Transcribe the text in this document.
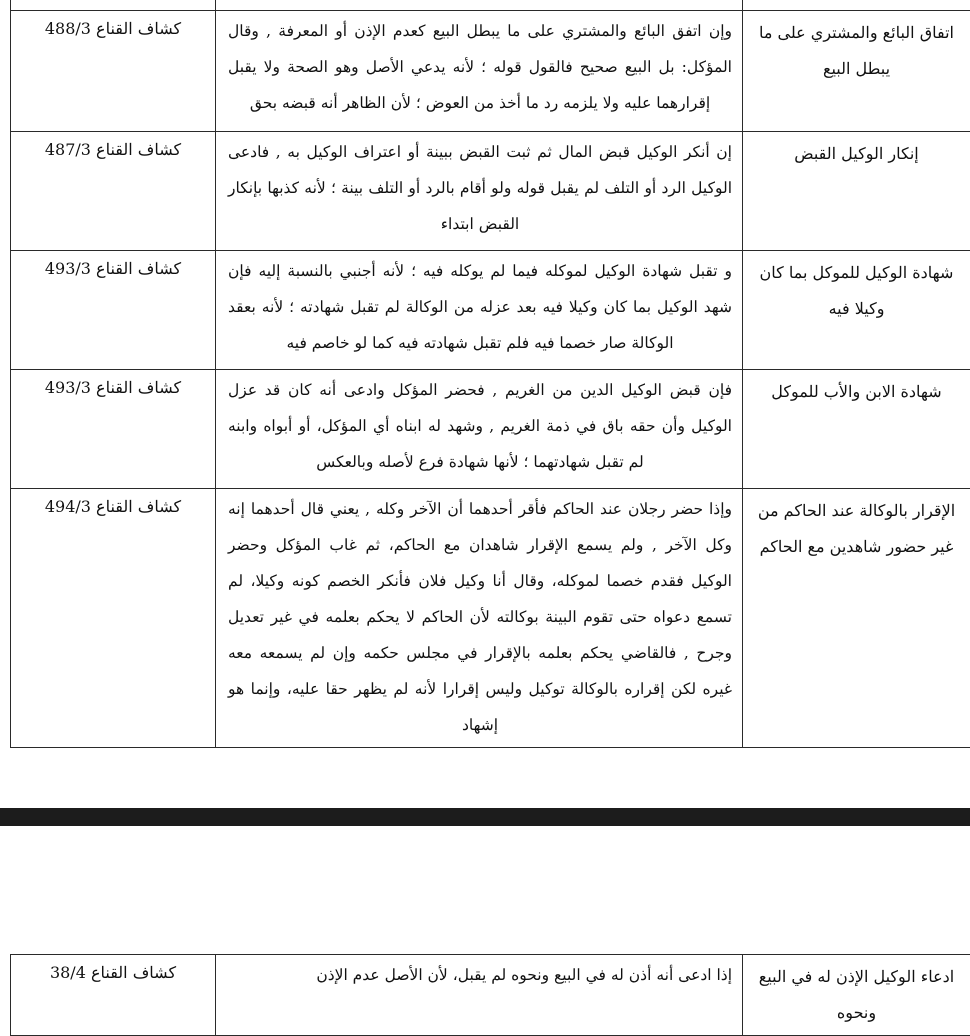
اتفاق البائع والمشتري على ما يبطل البيع	وإن اتفق البائع والمشتري على ما يبطل البيع كعدم الإذن أو المعرفة , وقال المؤكل: بل البيع صحيح فالقول قوله ؛ لأنه يدعي الأصل وهو الصحة ولا يقبل إقرارهما عليه ولا يلزمه رد ما أخذ من العوض ؛ لأن الظاهر أنه قبضه بحق	كشاف القناع 488/3
إنكار الوكيل القبض	إن أنكر الوكيل قبض المال ثم ثبت القبض ببينة أو اعتراف الوكيل به , فادعى الوكيل الرد أو التلف لم يقبل قوله ولو أقام بالرد أو التلف بينة ؛ لأنه كذبها بإنكار القبض ابتداء	كشاف القناع 487/3
شهادة الوكيل للموكل بما كان وكيلا فيه	و تقبل شهادة الوكيل لموكله فيما لم يوكله فيه ؛ لأنه أجنبي بالنسبة إليه فإن شهد الوكيل بما كان وكيلا فيه بعد عزله من الوكالة لم تقبل شهادته ؛ لأنه بعقد الوكالة صار خصما فيه فلم تقبل شهادته فيه كما لو خاصم فيه	كشاف القناع 493/3
شهادة الابن والأب للموكل	فإن قبض الوكيل الدين من الغريم , فحضر المؤكل وادعى أنه كان قد عزل الوكيل وأن حقه باق في ذمة الغريم , وشهد له ابناه أي المؤكل، أو أبواه وابنه لم تقبل شهادتهما ؛ لأنها شهادة فرع لأصله وبالعكس	كشاف القناع 493/3
الإقرار بالوكالة عند الحاكم من غير حضور شاهدين مع الحاكم	وإذا حضر رجلان عند الحاكم فأقر أحدهما أن الآخر وكله , يعني قال أحدهما إنه وكل الآخر , ولم يسمع الإقرار شاهدان مع الحاكم، ثم غاب المؤكل وحضر الوكيل فقدم خصما لموكله، وقال أنا وكيل فلان فأنكر الخصم كونه وكيلا، لم تسمع دعواه حتى تقوم البينة بوكالته لأن الحاكم لا يحكم بعلمه في غير تعديل وجرح , فالقاضي يحكم بعلمه بالإقرار في مجلس حكمه وإن لم يسمعه معه غيره لكن إقراره بالوكالة توكيل وليس إقرارا لأنه لم يظهر حقا عليه، وإنما هو إشهاد	كشاف القناع 494/3
ادعاء الوكيل الإذن له في البيع ونحوه	إذا ادعى أنه أذن له في البيع ونحوه لم يقبل، لأن الأصل عدم الإذن	كشاف القناع 38/4
